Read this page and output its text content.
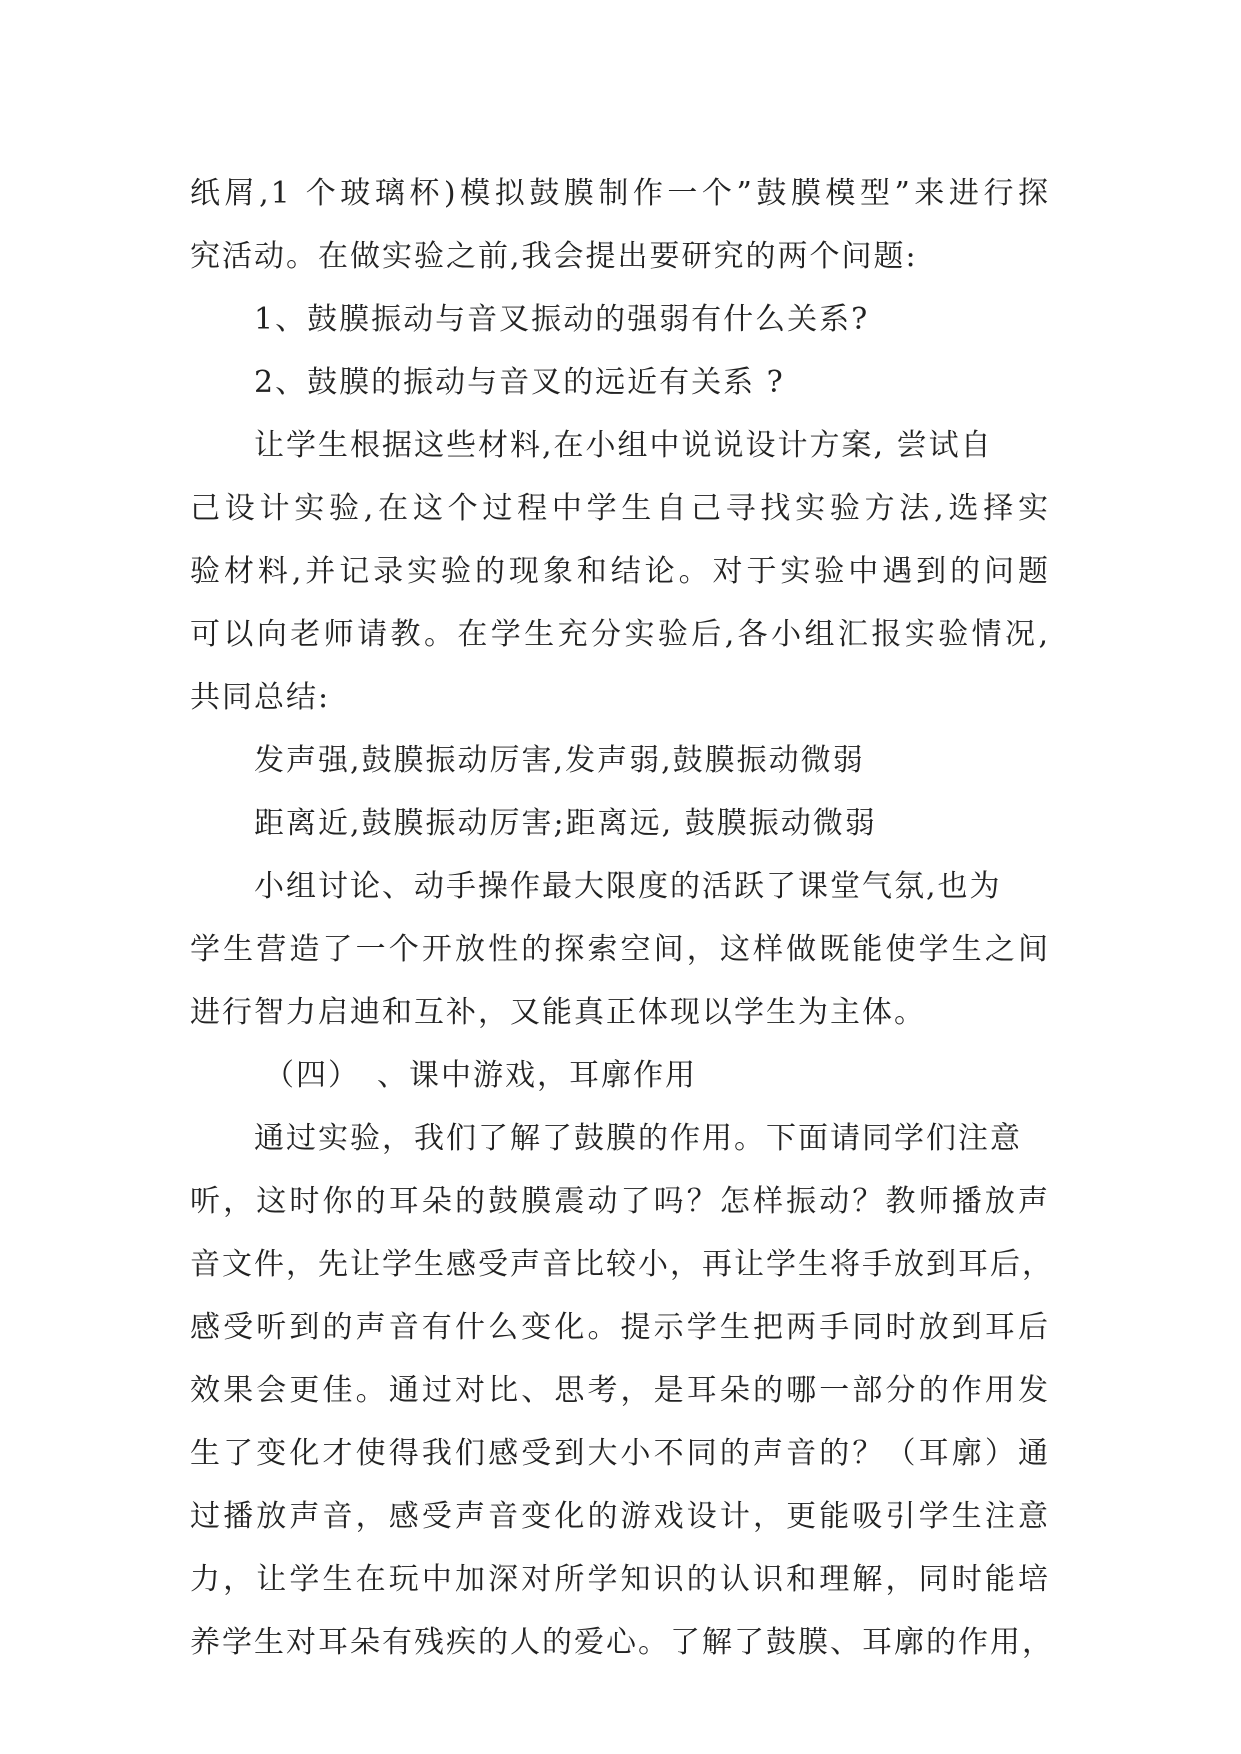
纸屑,1 个玻璃杯)模拟鼓膜制作一个”鼓膜模型”来进行探
究活动。在做实验之前,我会提出要研究的两个问题:
1、鼓膜振动与音叉振动的强弱有什么关系?
2、鼓膜的振动与音叉的远近有关系 ?
让学生根据这些材料,在小组中说说设计方案, 尝试自
己设计实验,在这个过程中学生自己寻找实验方法,选择实
验材料,并记录实验的现象和结论。对于实验中遇到的问题
可以向老师请教。在学生充分实验后,各小组汇报实验情况,
共同总结:
发声强,鼓膜振动厉害,发声弱,鼓膜振动微弱
距离近,鼓膜振动厉害;距离远, 鼓膜振动微弱
小组讨论、动手操作最大限度的活跃了课堂气氛,也为
学生营造了一个开放性的探索空间，这样做既能使学生之间
进行智力启迪和互补，又能真正体现以学生为主体。
（四）　、课中游戏，耳廓作用
通过实验，我们了解了鼓膜的作用。下面请同学们注意
听，这时你的耳朵的鼓膜震动了吗？怎样振动？教师播放声
音文件，先让学生感受声音比较小，再让学生将手放到耳后，
感受听到的声音有什么变化。提示学生把两手同时放到耳后
效果会更佳。通过对比、思考，是耳朵的哪一部分的作用发
生了变化才使得我们感受到大小不同的声音的？（耳廓）通
过播放声音，感受声音变化的游戏设计，更能吸引学生注意
力，让学生在玩中加深对所学知识的认识和理解，同时能培
养学生对耳朵有残疾的人的爱心。了解了鼓膜、耳廓的作用，
